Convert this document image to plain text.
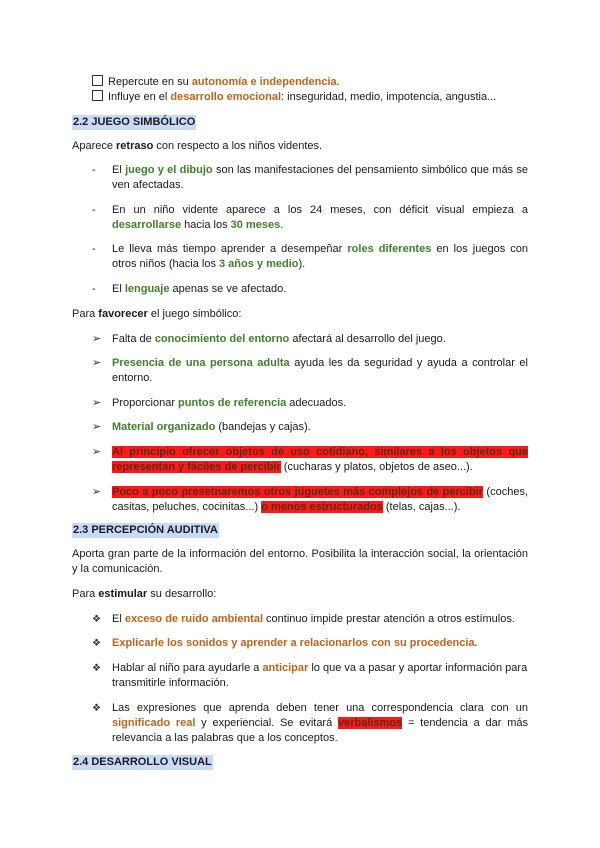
Repercute en su autonomía e independencia.
Influye en el desarrollo emocional: inseguridad, medio, impotencia, angustia...
2.2 JUEGO SIMBÓLICO
Aparece retraso con respecto a los niños videntes.
-	El juego y el dibujo son las manifestaciones del pensamiento simbólico que más se ven afectadas.
-	En un niño vidente aparece a los 24 meses, con déficit visual empieza a desarrollarse hacia los 30 meses.
-	Le lleva más tiempo aprender a desempeñar roles diferentes en los juegos con otros niños (hacia los 3 años y medio).
-	El lenguaje apenas se ve afectado.
Para favorecer el juego simbólico:
➢ Falta de conocimiento del entorno afectará al desarrollo del juego.
➢ Presencia de una persona adulta ayuda les da seguridad y ayuda a controlar el entorno.
➢ Proporcionar puntos de referencia adecuados.
➢ Material organizado (bandejas y cajas).
➢ Al principio ofrecer objetos de uso cotidiano, similares a los objetos que representan y fáciles de percibir (cucharas y platos, objetos de aseo...).
➢ Poco a poco presetnaremos otros juguetes más complejos de percibir (coches, casitas, peluches, cocinitas...) o menos estructurados (telas, cajas...).
2.3 PERCEPCIÓN AUDITIVA
Aporta gran parte de la información del entorno. Posibilita la interacción social, la orientación y la comunicación.
Para estimular su desarrollo:
❖	El exceso de ruido ambiental continuo impide prestar atención a otros estímulos.
❖	Explicarle los sonidos y aprender a relacionarlos con su procedencia.
❖	Hablar al niño para ayudarle a anticipar lo que va a pasar y aportar información para transmitirle información.
❖	Las expresiones que aprenda deben tener una correspondencia clara con un significado real y experiencial. Se evitará verbalismos = tendencia a dar más relevancia a las palabras que a los conceptos.
2.4 DESARROLLO VISUAL
